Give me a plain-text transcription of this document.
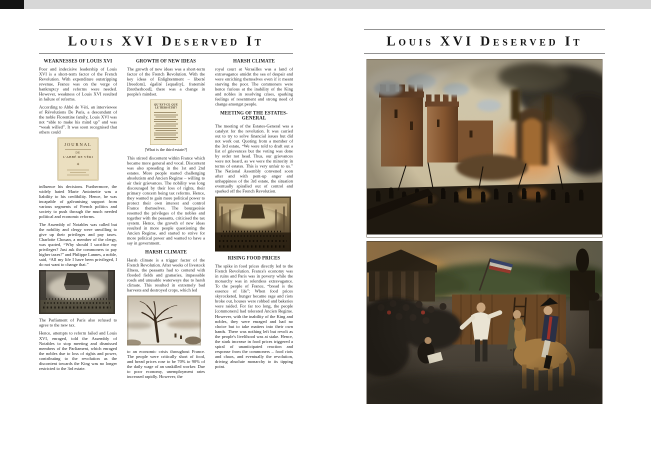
Louis XVI Deserved It
WEAKNESSES OF LOUIS XVI

Poor and indecisive leadership of Louis XVI is a short-term factor of the French Revolution. With expenditure outstripping revenue, France was on the verge of bankruptcy and reforms were needed. However, weakness of Louis XVI resulted in failure of reforms.

According to Abbé de Véri, an interviewee of Révolutions De Paris, a descendant of the noble Florentine family, Louis XVI was not “able to make his mind up” and was “weak willed”. It was soon recognised that others could

JOURNAL
DE
L'ABBÉ DE VÉRI
✦

influence his decisions. Furthermore, the widely hated Marie Antoinette was a liability to his credibility. Hence, he was incapable of galvanising support from various segments of French politics and society to push through the much needed political and economic reforms.

The Assembly of Notables was called but the nobility and clergy were unwilling to give up their privileges and pay taxes. Charlotte Chouan, a member of the clergy, was quoted, “Why should I sacrifice my privileges? Just ask the commoners to pay higher taxes!” and Philippe Lannes, a noble, said, “All my life I have been privileged, I do not want to change that.”

The Parliament of Paris also refused to agree to the new tax.

Hence, attempts to reform failed and Louis XVI, enraged, told the Assembly of Notables to stop meeting and dismissed members of the Parliament, which enraged the nobles due to loss of rights and power, contributing to the revolution as the discontent towards the King was no longer restricted to the 3rd estate.

GROWTH OF NEW IDEAS

The growth of new ideas was a short-term factor of the French Revolution. With the key ideas of Enlightenment – liberté [freedom], égalité [equality], fraternité [brotherhood], there was a change in people's mindset.

QU'EST-CE QUE
LE TIERS-ÉTAT?
[What is the third estate?]

This stirred discontent within France which became more general and vocal. Discontent was also spreading in the 1st and 2nd estates. More people started challenging absolutism and Ancien Regime – willing to air their grievances. The nobility was long discouraged by their loss of rights, their primary concern being tax reforms. Hence, they wanted to gain more political power to protect their own interest and control France themselves. The bourgeoisie resented the privileges of the nobles and together with the peasants, criticised the tax system. Hence, the growth of new ideas resulted in more people questioning the Ancien Regime, and started to strive for more political power and wanted to have a say in government.

HARSH CLIMATE

Harsh climate is a trigger factor of the French Revolution. After weeks of livestock illness, the peasants had to contend with flooded fields and granaries, impassable roads and unusable waterways due to harsh climate. This resulted in extremely bad harvests and destroyed crops, which led

to an economic crisis throughout France. The people were critically short of food, and bread prices rose to be 70% to 90% of the daily wage of an unskilled worker. Due to poor economy, unemployment rates increased rapidly. However, the

HARSH CLIMATE

royal court at Versailles was a land of extravagance amidst the sea of despair and were enriching themselves even if it meant starving the poor. The commoners were hence furious at the inability of the King and nobles in resolving crises, sparking feelings of resentment and strong need of change amongst people.

MEETING OF THE ESTATES-GENERAL

The meeting of the Estates-General was a catalyst for the revolution. It was carried out to try to solve financial issues but did not work out. Quoting from a member of the 3rd estate, “We were told to draft out a list of grievances but the voting was done by order not head. Thus, our grievances were not heard, as we were the minority in terms of estates. This is very unfair to us.” The National Assembly convened soon after and with pent-up anger and unhappiness of the 3rd estate, the situation eventually spiralled out of control and sparked off the French Revolution.

RISING FOOD PRICES

The spike in food prices directly led to the French Revolution. France's economy was in ruins and Paris was in poverty while the monarchy was in relentless extravagance. To the people of France, “bread is the essence of life”; When food prices skyrocketed, hunger became rage and riots broke out, houses were robbed and bakeries were raided. For far too long, the people [commoners] had tolerated Ancien Regime. However, with the inability of the King and nobles, they were enraged and had no choice but to take matters into their own hands. There was nothing left but revolt as the people's livelihood was at stake. Hence, the stark increase in food prices triggered a spiral of unanticipated reaction and response from the commoners – food riots and chaos, and eventually the revolution, driving absolute monarchy to its tipping point.

Louis XVI Deserved It
